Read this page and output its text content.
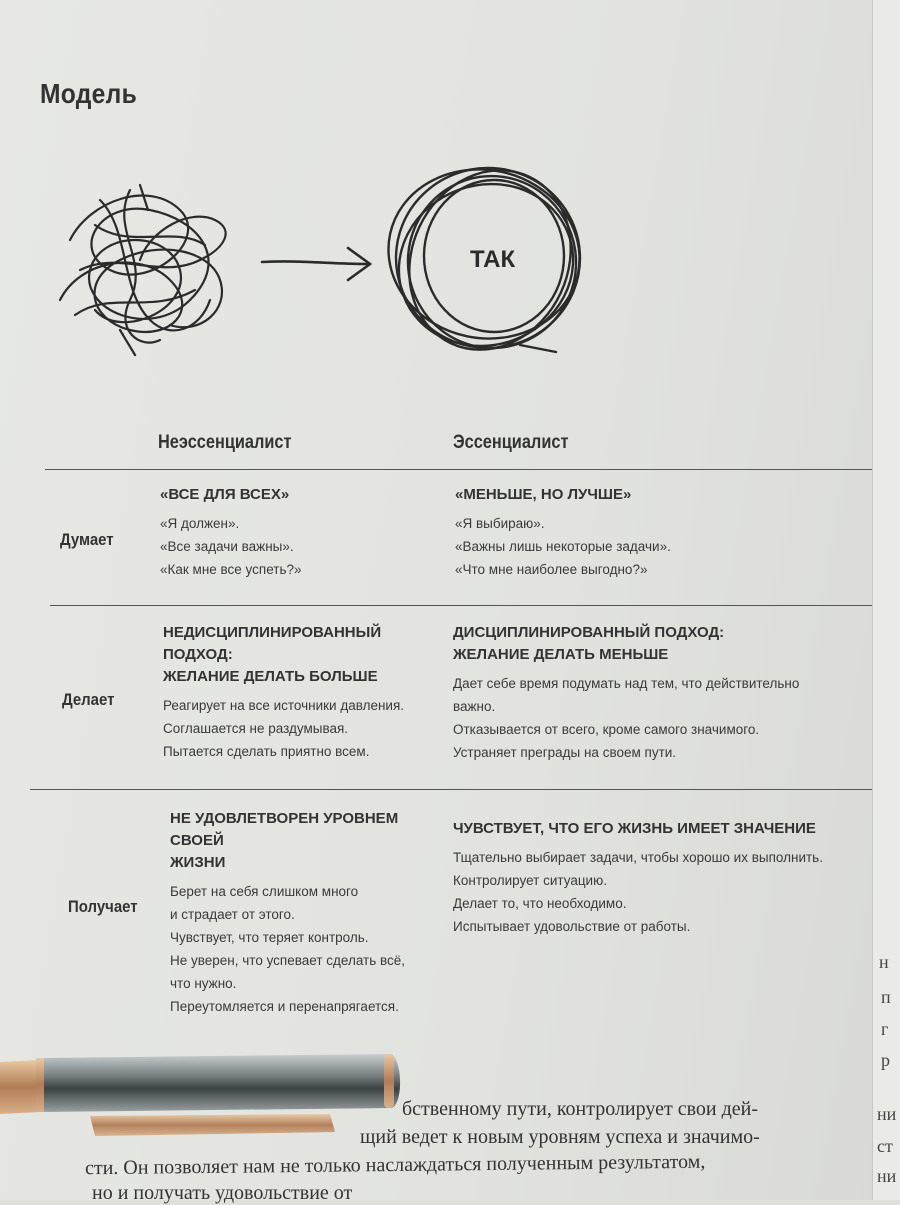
Модель
ТАК
Неэссенциалист	Эссенциалист
Думает
«ВСЕ ДЛЯ ВСЕХ»
«Я должен».
«Все задачи важны».
«Как мне все успеть?»
«МЕНЬШЕ, НО ЛУЧШЕ»
«Я выбираю».
«Важны лишь некоторые задачи».
«Что мне наиболее выгодно?»
Делает
НЕДИСЦИПЛИНИРОВАННЫЙ ПОДХОД:
ЖЕЛАНИЕ ДЕЛАТЬ БОЛЬШЕ
Реагирует на все источники давления.
Соглашается не раздумывая.
Пытается сделать приятно всем.
ДИСЦИПЛИНИРОВАННЫЙ ПОДХОД:
ЖЕЛАНИЕ ДЕЛАТЬ МЕНЬШЕ
Дает себе время подумать над тем, что действительно
важно.
Отказывается от всего, кроме самого значимого.
Устраняет преграды на своем пути.
Получает
НЕ УДОВЛЕТВОРЕН УРОВНЕМ СВОЕЙ
ЖИЗНИ
Берет на себя слишком много
и страдает от этого.
Чувствует, что теряет контроль.
Не уверен, что успевает сделать всё,
что нужно.
Переутомляется и перенапрягается.
ЧУВСТВУЕТ, ЧТО ЕГО ЖИЗНЬ ИМЕЕТ ЗНАЧЕНИЕ
Тщательно выбирает задачи, чтобы хорошо их выполнить.
Контролирует ситуацию.
Делает то, что необходимо.
Испытывает удовольствие от работы.
бственному пути, контролирует свои дей-
щий ведет к новым уровням успеха и значимо-
сти. Он позволяет нам не только наслаждаться полученным результатом,
но и получать удовольствие от
н
п
г
р
ни
ст
ни
